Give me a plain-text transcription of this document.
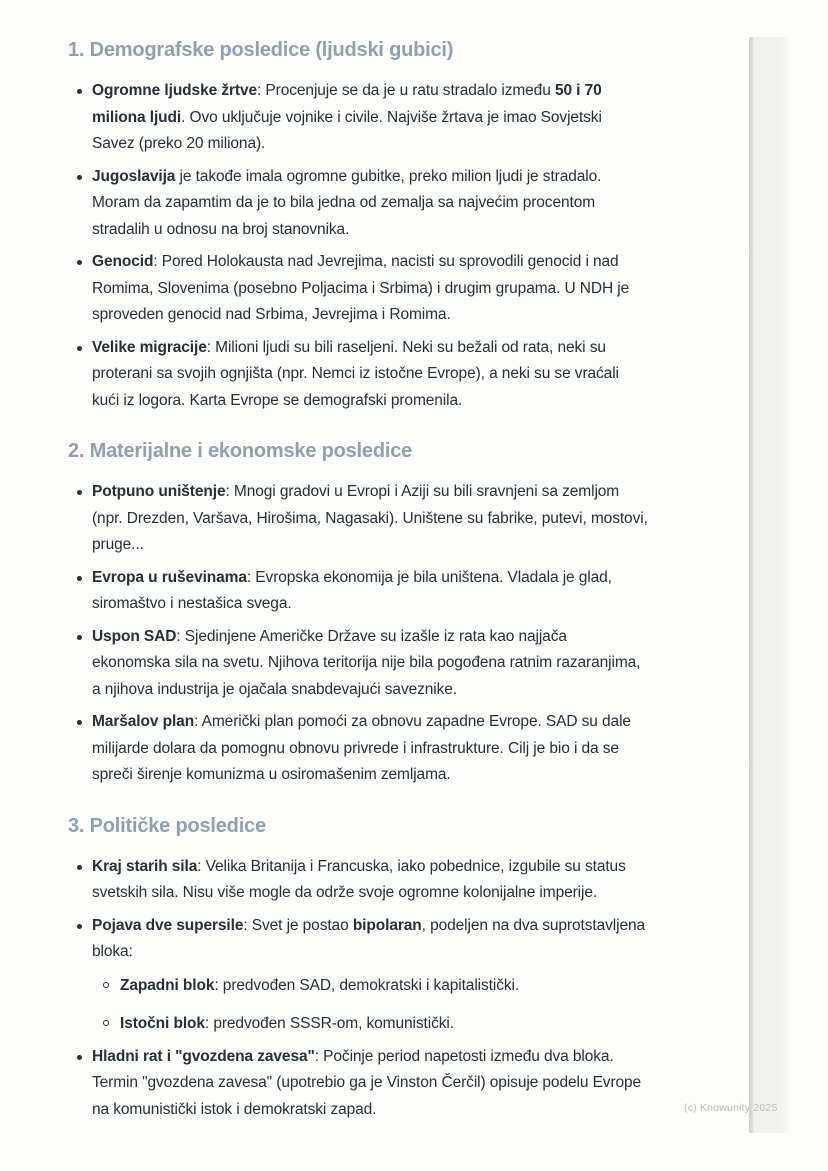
1. Demografske posledice (ljudski gubici)
Ogromne ljudske žrtve: Procenjuje se da je u ratu stradalo između 50 i 70 miliona ljudi. Ovo uključuje vojnike i civile. Najviše žrtava je imao Sovjetski Savez (preko 20 miliona).
Jugoslavija je takođe imala ogromne gubitke, preko milion ljudi je stradalo. Moram da zapamtim da je to bila jedna od zemalja sa najvećim procentom stradalih u odnosu na broj stanovnika.
Genocid: Pored Holokausta nad Jevrejima, nacisti su sprovodili genocid i nad Romima, Slovenima (posebno Poljacima i Srbima) i drugim grupama. U NDH je sproveden genocid nad Srbima, Jevrejima i Romima.
Velike migracije: Milioni ljudi su bili raseljeni. Neki su bežali od rata, neki su proterani sa svojih ognjišta (npr. Nemci iz istočne Evrope), a neki su se vraćali kući iz logora. Karta Evrope se demografski promenila.
2. Materijalne i ekonomske posledice
Potpuno uništenje: Mnogi gradovi u Evropi i Aziji su bili sravnjeni sa zemljom (npr. Drezden, Varšava, Hirošima, Nagasaki). Uništene su fabrike, putevi, mostovi, pruge...
Evropa u ruševinama: Evropska ekonomija je bila uništena. Vladala je glad, siromaštvo i nestašica svega.
Uspon SAD: Sjedinjene Američke Države su izašle iz rata kao najjača ekonomska sila na svetu. Njihova teritorija nije bila pogođena ratnim razaranjima, a njihova industrija je ojačala snabdevajući saveznike.
Maršalov plan: Američki plan pomoći za obnovu zapadne Evrope. SAD su dale milijarde dolara da pomognu obnovu privrede i infrastrukture. Cilj je bio i da se spreči širenje komunizma u osiromašenim zemljama.
3. Političke posledice
Kraj starih sila: Velika Britanija i Francuska, iako pobednice, izgubile su status svetskih sila. Nisu više mogle da održe svoje ogromne kolonijalne imperije.
Pojava dve supersile: Svet je postao bipolaran, podeljen na dva suprotstavljena bloka:
Zapadni blok: predvođen SAD, demokratski i kapitalistički.
Istočni blok: predvođen SSSR-om, komunistički.
Hladni rat i "gvozdena zavesa": Počinje period napetosti između dva bloka. Termin "gvozdena zavesa" (upotrebio ga je Vinston Čerčil) opisuje podelu Evrope na komunistički istok i demokratski zapad.	(c) Knowunity 2025
